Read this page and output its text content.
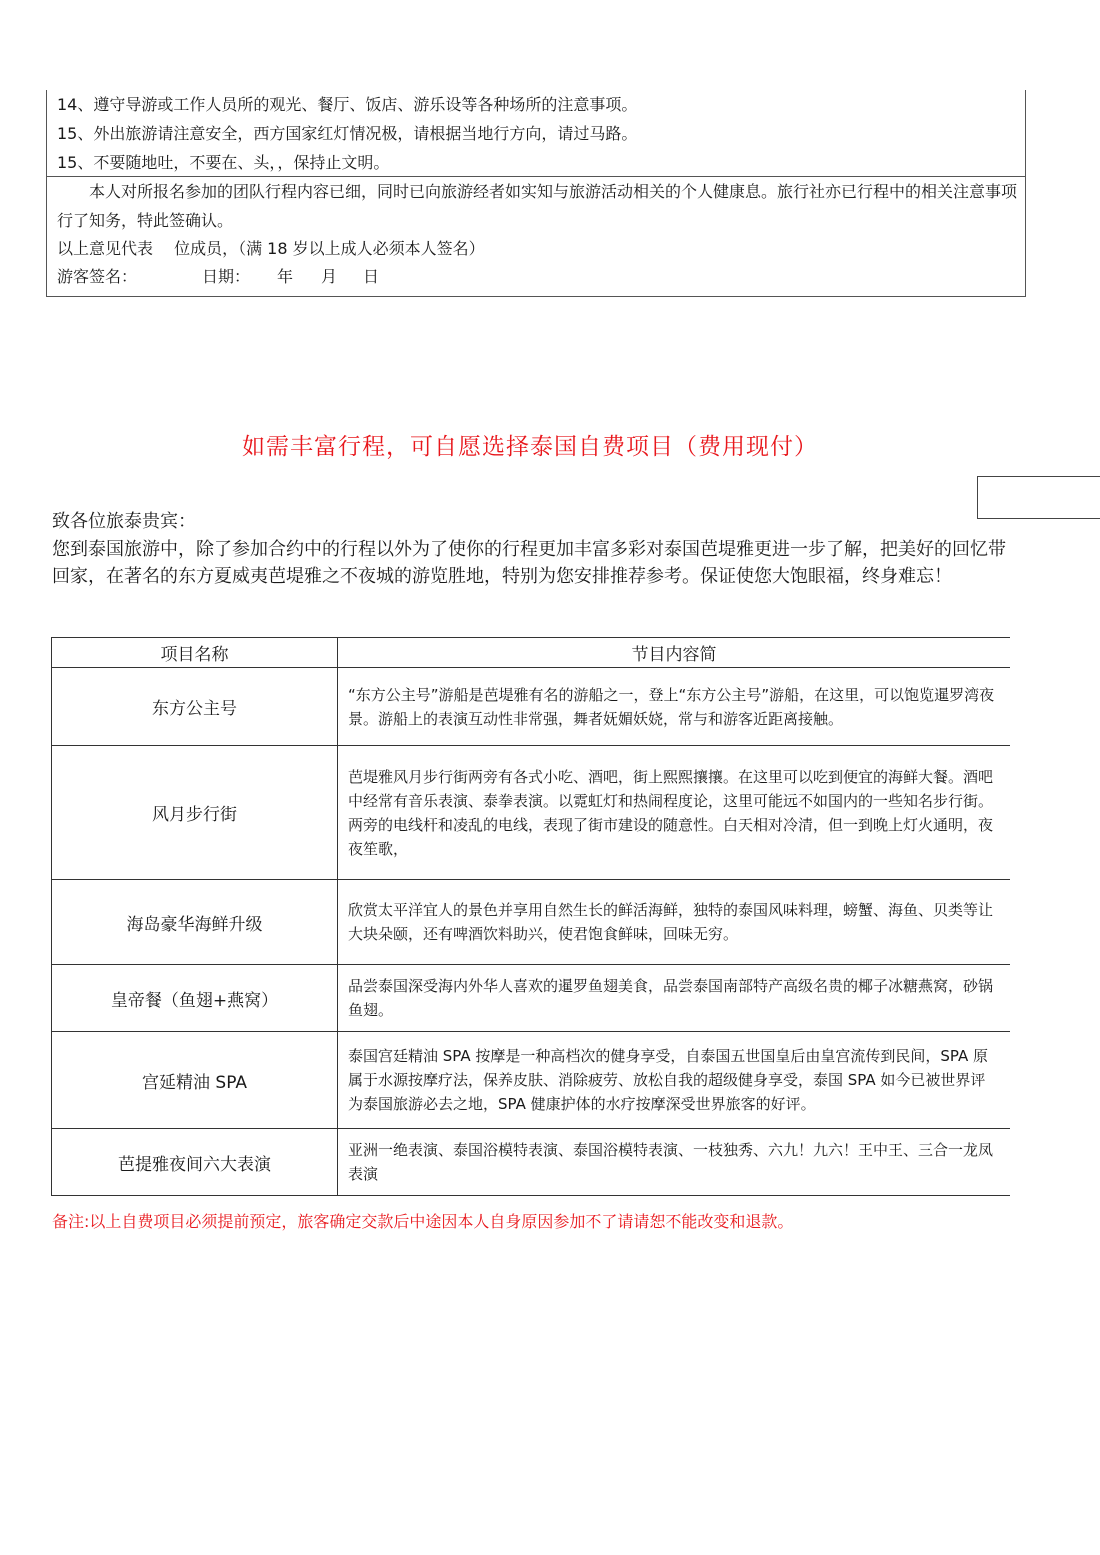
14、遵守导游或工作人员所的观光、餐厅、饭店、游乐设等各种场所的注意事项。
15、外出旅游请注意安全，西方国家红灯情况极，请根据当地行方向，请过马路。
15、不要随地吐，不要在、头，，保持止文明。
本人对所报名参加的团队行程内容已细，同时已向旅游经者如实知与旅游活动相关的个人健康息。旅行社亦已行程中的相关注意事项行了知务，特此签确认。
以上意见代表　 位成员，（满 18 岁以上成人必须本人签名）
游客签名：	日期： 年 月 日
如需丰富行程，可自愿选择泰国自费项目（费用现付）
致各位旅泰贵宾：
您到泰国旅游中，除了参加合约中的行程以外为了使你的行程更加丰富多彩对泰国芭堤雅更进一步了解，把美好的回忆带回家，在著名的东方夏威夷芭堤雅之不夜城的游览胜地，特别为您安排推荐参考。保证使您大饱眼福，终身难忘！
项目名称	节目内容简
东方公主号	“东方公主号”游船是芭堤雅有名的游船之一，登上“东方公主号”游船，在这里，可以饱览暹罗湾夜景。游船上的表演互动性非常强，舞者妩媚妖娆，常与和游客近距离接触。
风月步行街	芭堤雅风月步行街两旁有各式小吃、酒吧，街上熙熙攘攘。在这里可以吃到便宜的海鲜大餐。酒吧中经常有音乐表演、泰拳表演。以霓虹灯和热闹程度论，这里可能远不如国内的一些知名步行街。两旁的电线杆和凌乱的电线，表现了街市建设的随意性。白天相对冷清，但一到晚上灯火通明，夜夜笙歌，
海岛豪华海鲜升级	欣赏太平洋宜人的景色并享用自然生长的鲜活海鲜，独特的泰国风味料理，螃蟹、海鱼、贝类等让 大块朵颐，还有啤酒饮料助兴，使君饱食鲜味，回味无穷。
皇帝餐（鱼翅+燕窝）	品尝泰国深受海内外华人喜欢的暹罗鱼翅美食，品尝泰国南部特产高级名贵的椰子冰糖燕窝，砂锅鱼翅。
宫延精油 SPA	泰国宫廷精油 SPA 按摩是一种高档次的健身享受，自泰国五世国皇后由皇宫流传到民间，SPA 原属于水源按摩疗法，保养皮肤、消除疲劳、放松自我的超级健身享受，泰国 SPA 如今已被世界评为泰国旅游必去之地，SPA 健康护体的水疗按摩深受世界旅客的好评。
芭提雅夜间六大表演	亚洲一绝表演、泰国浴模特表演、泰国浴模特表演、一枝独秀、六九！九六！王中王、三合一龙凤表演
备注:以上自费项目必须提前预定，旅客确定交款后中途因本人自身原因参加不了请请恕不能改变和退款。
